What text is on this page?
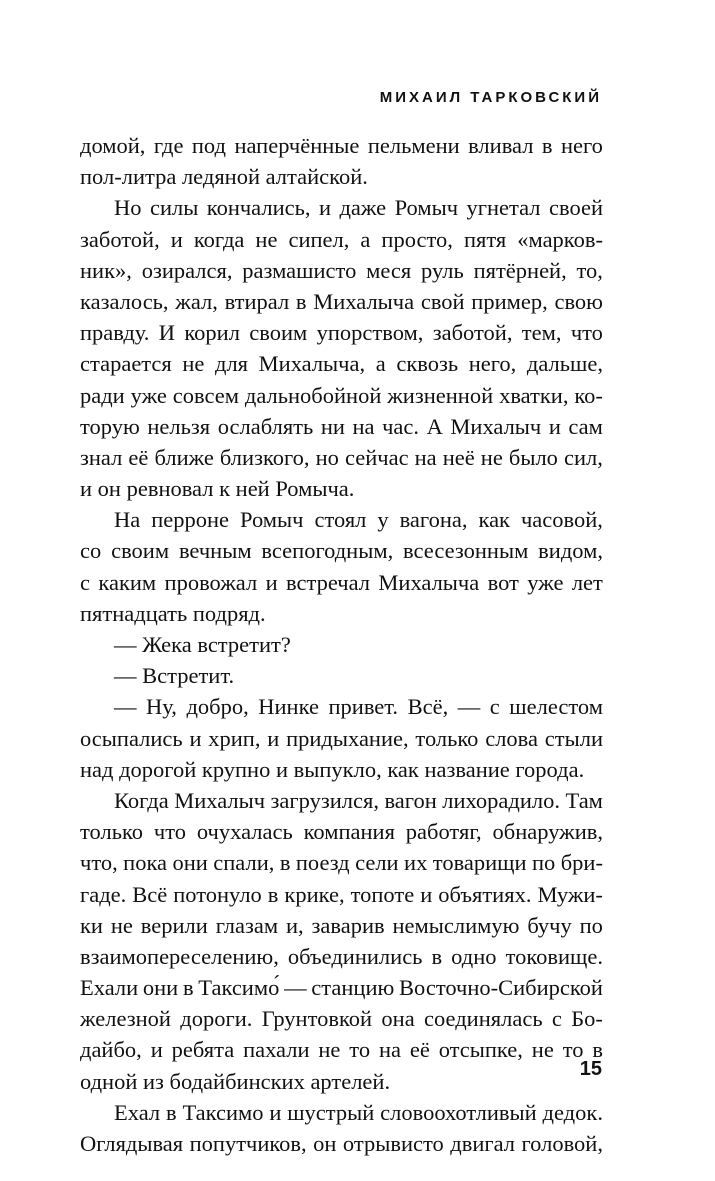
МИХАИЛ ТАРКОВСКИЙ
домой, где под наперчённые пельмени вливал в него
пол-литра ледяной алтайской.
Но силы кончались, и даже Ромыч угнетал своей
заботой, и когда не сипел, а просто, пятя «марков-
ник», озирался, размашисто меся руль пятёрней, то,
казалось, жал, втирал в Михалыча свой пример, свою
правду. И корил своим упорством, заботой, тем, что
старается не для Михалыча, а сквозь него, дальше,
ради уже совсем дальнобойной жизненной хватки, ко-
торую нельзя ослаблять ни на час. А Михалыч и сам
знал её ближе близкого, но сейчас на неё не было сил,
и он ревновал к ней Ромыча.
На перроне Ромыч стоял у вагона, как часовой,
со своим вечным всепогодным, всесезонным видом,
с каким провожал и встречал Михалыча вот уже лет
пятнадцать подряд.
— Жека встретит?
— Встретит.
— Ну, добро, Нинке привет. Всё, — с шелестом
осыпались и хрип, и придыхание, только слова стыли
над дорогой крупно и выпукло, как название города.
Когда Михалыч загрузился, вагон лихорадило. Там
только что очухалась компания работяг, обнаружив,
что, пока они спали, в поезд сели их товарищи по бри-
гаде. Всё потонуло в крике, топоте и объятиях. Мужи-
ки не верили глазам и, заварив немыслимую бучу по
взаимопереселению, объединились в одно токовище.
Ехали они в Таксимо́ — станцию Восточно-Сибирской
железной дороги. Грунтовкой она соединялась с Бо-
дайбо, и ребята пахали не то на её отсыпке, не то в
одной из бодайбинских артелей.
Ехал в Таксимо и шустрый словоохотливый дедок.
Оглядывая попутчиков, он отрывисто двигал головой,
15
